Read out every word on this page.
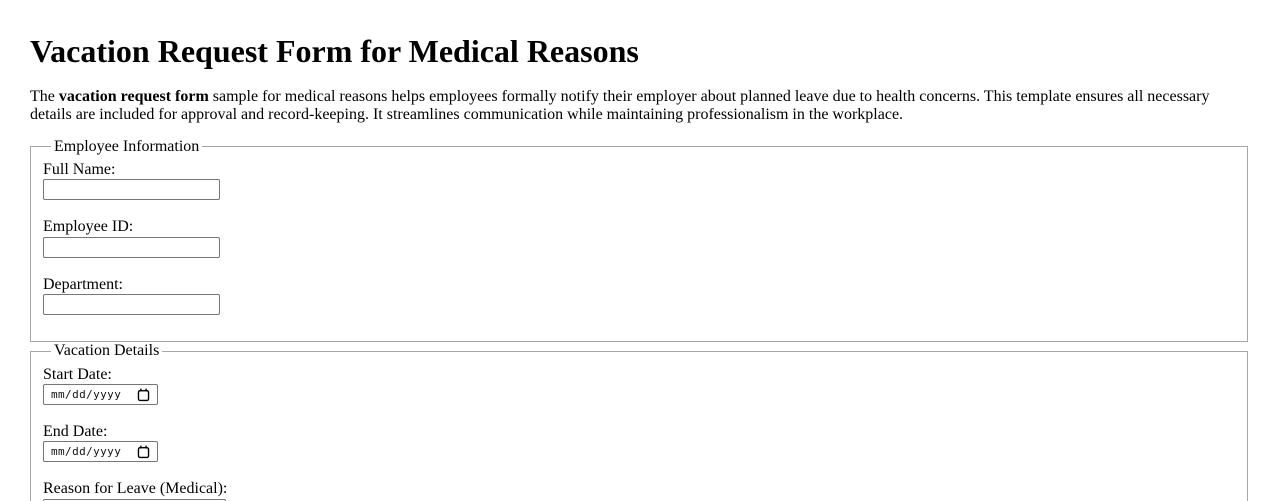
Vacation Request Form for Medical Reasons

The vacation request form sample for medical reasons helps employees formally notify their employer about planned leave due to health concerns. This template ensures all necessary details are included for approval and record-keeping. It streamlines communication while maintaining professionalism in the workplace.

Employee Information
Full Name:
Employee ID:
Department:
Vacation Details
Start Date:
mm/dd/yyyy
End Date:
mm/dd/yyyy
Reason for Leave (Medical):
